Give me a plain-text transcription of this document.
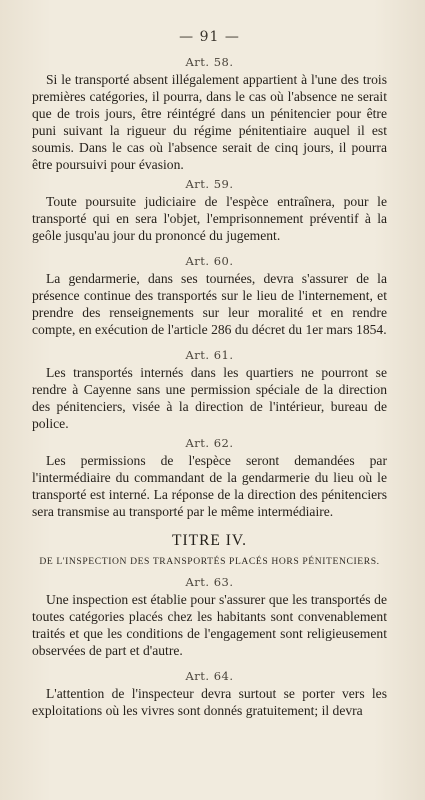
— 91 —
Art. 58.

Si le transporté absent illégalement appartient à l'une des trois premières catégories, il pourra, dans le cas où l'absence ne serait que de trois jours, être réintégré dans un pénitencier pour être puni suivant la rigueur du régime pénitentiaire auquel il est soumis. Dans le cas où l'absence serait de cinq jours, il pourra être poursuivi pour évasion.

Art. 59.

Toute poursuite judiciaire de l'espèce entraînera, pour le transporté qui en sera l'objet, l'emprisonnement préventif à la geôle jusqu'au jour du prononcé du jugement.

Art. 60.

La gendarmerie, dans ses tournées, devra s'assurer de la présence continue des transportés sur le lieu de l'internement, et prendre des renseignements sur leur moralité et en rendre compte, en exécution de l'article 286 du décret du 1er mars 1854.

Art. 61.

Les transportés internés dans les quartiers ne pourront se rendre à Cayenne sans une permission spéciale de la direction des pénitenciers, visée à la direction de l'intérieur, bureau de police.

Art. 62.

Les permissions de l'espèce seront demandées par l'intermédiaire du commandant de la gendarmerie du lieu où le transporté est interné. La réponse de la direction des pénitenciers sera transmise au transporté par le même intermédiaire.

TITRE IV.
DE L'INSPECTION DES TRANSPORTÉS PLACÉS HORS PÉNITENCIERS.
Art. 63.

Une inspection est établie pour s'assurer que les transportés de toutes catégories placés chez les habitants sont convenablement traités et que les conditions de l'engagement sont religieusement observées de part et d'autre.

Art. 64.

L'attention de l'inspecteur devra surtout se porter vers les exploitations où les vivres sont donnés gratuitement; il devra
